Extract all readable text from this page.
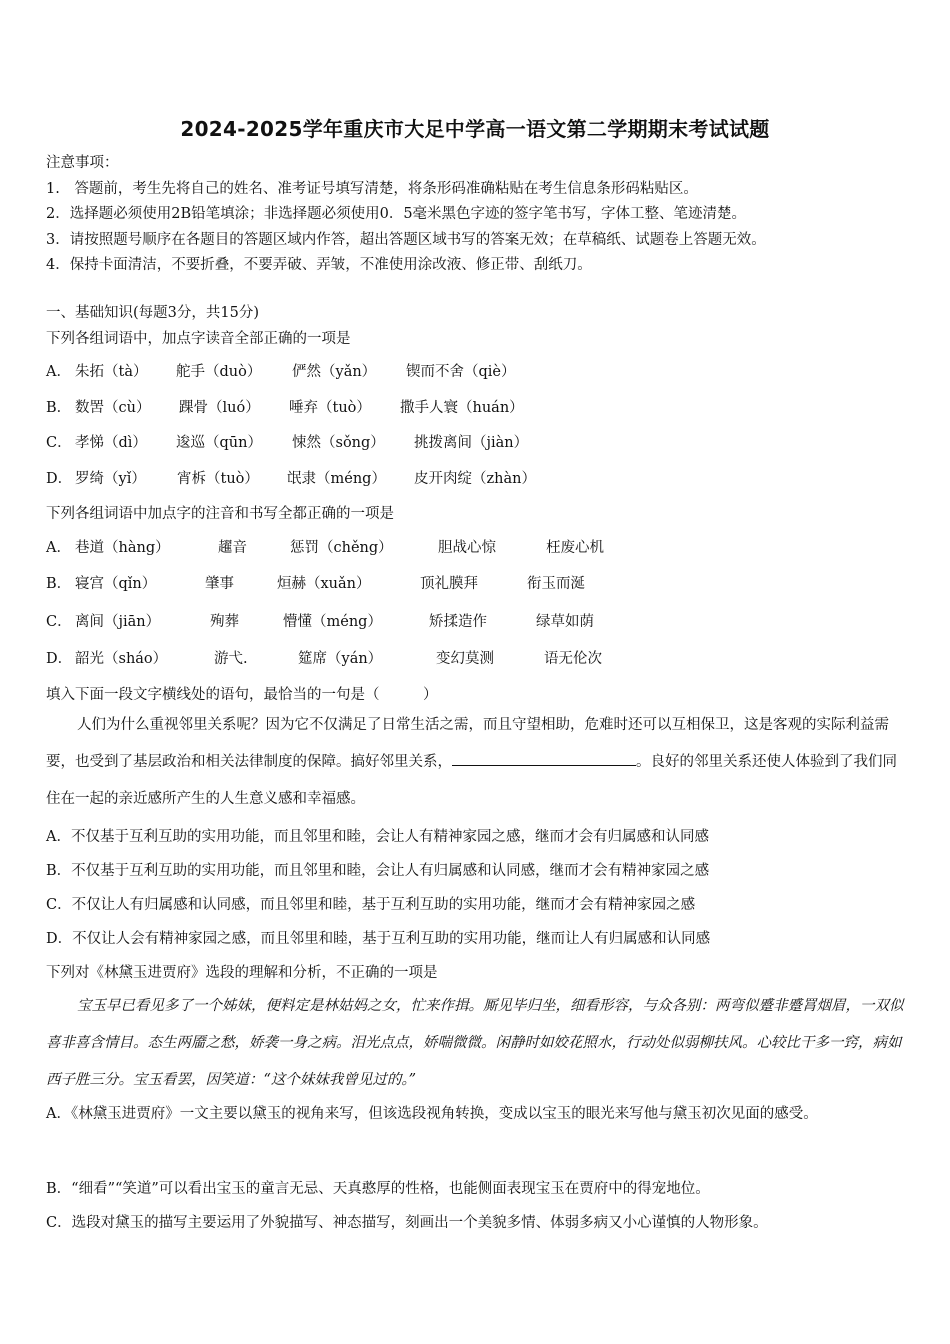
2024-2025学年重庆市大足中学高一语文第二学期期末考试试题
注意事项：
1.　答题前，考生先将自己的姓名、准考证号填写清楚，将条形码准确粘贴在考生信息条形码粘贴区。
2．选择题必须使用2B铅笔填涂；非选择题必须使用0．5毫米黑色字迹的签字笔书写，字体工整、笔迹清楚。
3．请按照题号顺序在各题目的答题区域内作答，超出答题区域书写的答案无效；在草稿纸、试题卷上答题无效。
4．保持卡面清洁，不要折叠，不要弄破、弄皱，不准使用涂改液、修正带、刮纸刀。
一、基础知识(每题3分，共15分)
下列各组词语中，加点字读音全部正确的一项是
A． 朱拓（tà） 舵手（duò） 俨然（yǎn） 锲而不舍（qiè）
B． 数罟（cù） 踝骨（luó） 唾弃（tuò） 撒手人寰（huán）
C． 孝悌（dì） 逡巡（qūn） 悚然（sǒng） 挑拨离间（jiàn）
D． 罗绮（yǐ） 宵柝（tuò） 氓隶（méng） 皮开肉绽（zhàn）
下列各组词语中加点字的注音和书写全都正确的一项是
A． 巷道（hàng）	趯音	惩罚（chěng）	胆战心惊	枉废心机
B． 寝宫（qǐn）	肇事	烜赫（xuǎn）	顶礼膜拜	衔玉而涎
C． 离间（jiān）	殉葬	懵懂（méng）	矫揉造作	绿草如荫
D． 韶光（sháo）	游弋.	筵席（yán）	变幻莫测	语无伦次
填入下面一段文字横线处的语句，最恰当的一句是（　　　）
人们为什么重视邻里关系呢？因为它不仅满足了日常生活之需，而且守望相助，危难时还可以互相保卫，这是客观的实际利益需要，也受到了基层政治和相关法律制度的保障。搞好邻里关系，	。良好的邻里关系还使人体验到了我们同住在一起的亲近感所产生的人生意义感和幸福感。
A．不仅基于互利互助的实用功能，而且邻里和睦，会让人有精神家园之感，继而才会有归属感和认同感
B．不仅基于互利互助的实用功能，而且邻里和睦，会让人有归属感和认同感，继而才会有精神家园之感
C．不仅让人有归属感和认同感，而且邻里和睦，基于互利互助的实用功能，继而才会有精神家园之感
D．不仅让人会有精神家园之感，而且邻里和睦，基于互利互助的实用功能，继而让人有归属感和认同感
下列对《林黛玉进贾府》选段的理解和分析，不正确的一项是
宝玉早已看见多了一个姊妹，便料定是林姑妈之女，忙来作揖。厮见毕归坐，细看形容，与众各别：两弯似蹙非蹙罥烟眉，一双似喜非喜含情目。态生两靥之愁，娇袭一身之病。泪光点点，娇喘微微。闲静时如姣花照水，行动处似弱柳扶风。心较比干多一窍，病如西子胜三分。宝玉看罢，因笑道：“这个妹妹我曾见过的。”
A．《林黛玉进贾府》一文主要以黛玉的视角来写，但该选段视角转换，变成以宝玉的眼光来写他与黛玉初次见面的感受。
B．“细看”“笑道”可以看出宝玉的童言无忌、天真憨厚的性格，也能侧面表现宝玉在贾府中的得宠地位。
C．选段对黛玉的描写主要运用了外貌描写、神态描写，刻画出一个美貌多情、体弱多病又小心谨慎的人物形象。
